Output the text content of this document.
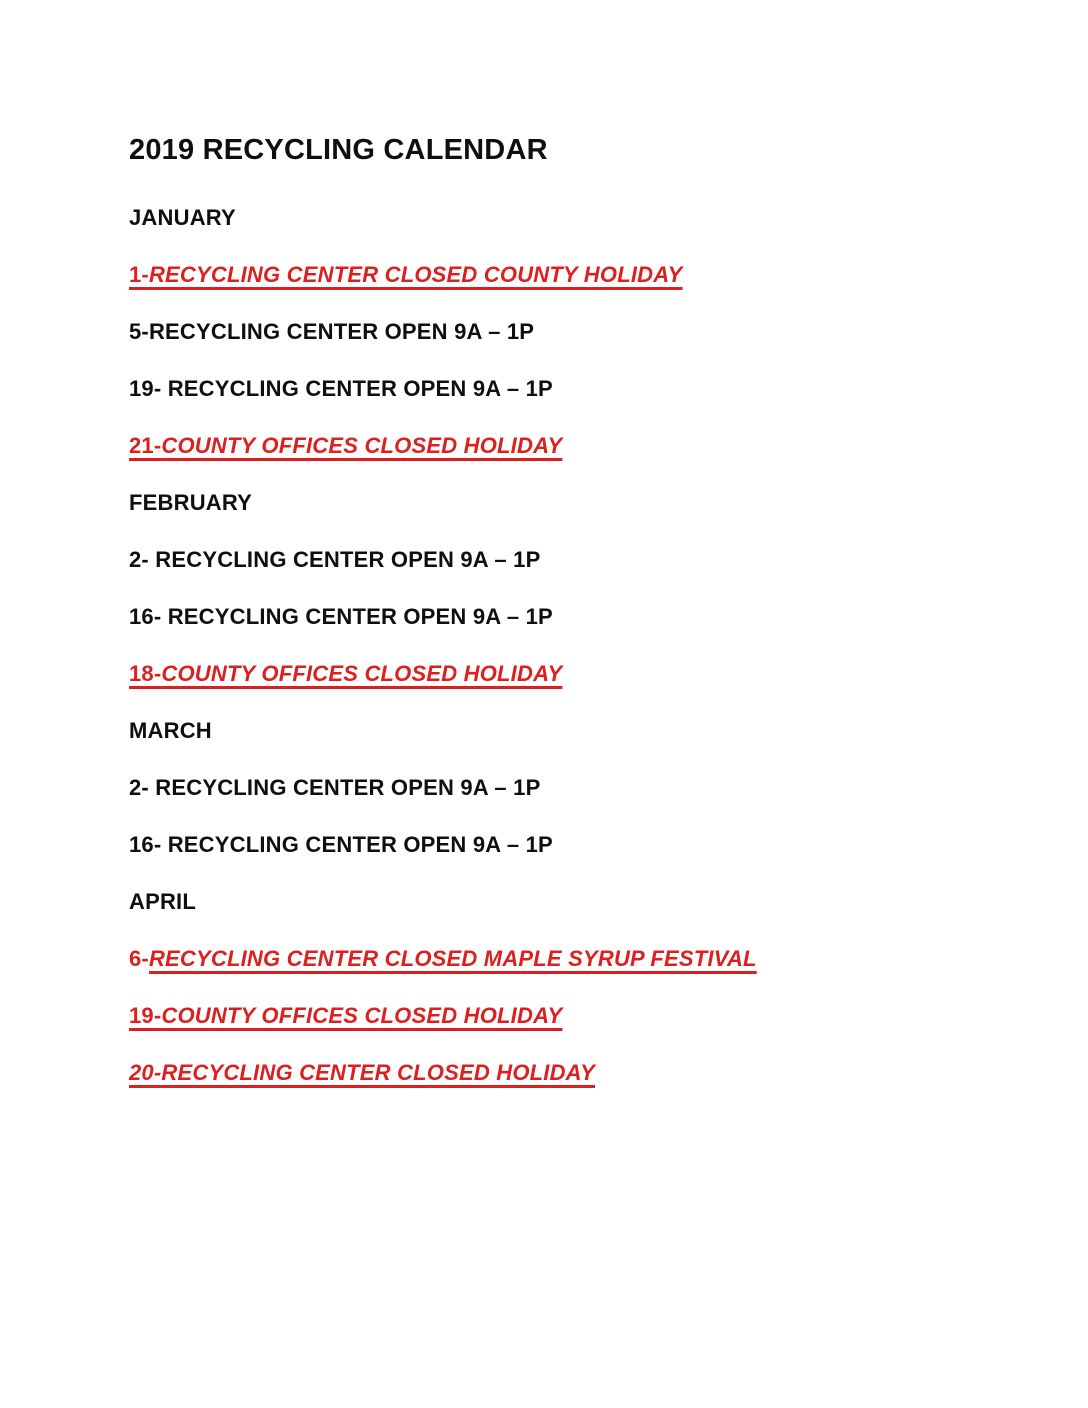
2019 RECYCLING CALENDAR

JANUARY

1-RECYCLING CENTER CLOSED COUNTY HOLIDAY

5-RECYCLING CENTER OPEN 9A – 1P

19- RECYCLING CENTER OPEN 9A – 1P

21-COUNTY OFFICES CLOSED HOLIDAY

FEBRUARY

2- RECYCLING CENTER OPEN 9A – 1P

16- RECYCLING CENTER OPEN 9A – 1P

18-COUNTY OFFICES CLOSED HOLIDAY

MARCH

2- RECYCLING CENTER OPEN 9A – 1P

16- RECYCLING CENTER OPEN 9A – 1P

APRIL

6-RECYCLING CENTER CLOSED MAPLE SYRUP FESTIVAL

19-COUNTY OFFICES CLOSED HOLIDAY

20-RECYCLING CENTER CLOSED HOLIDAY
